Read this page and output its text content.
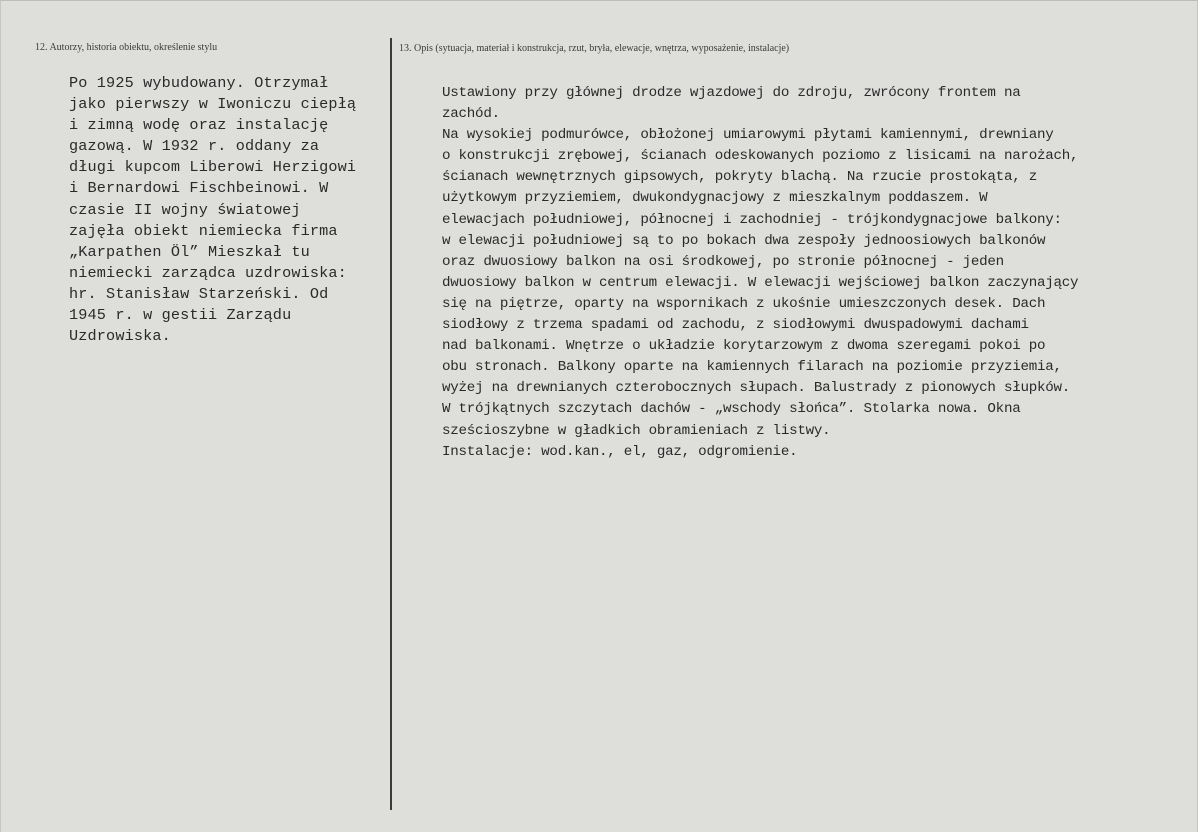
12. Autorzy, historia obiektu, określenie stylu	13. Opis (sytuacja, materiał i konstrukcja, rzut, bryła, elewacje, wnętrza, wyposażenie, instalacje)
Po 1925 wybudowany. Otrzymał
jako pierwszy w Iwoniczu ciepłą
i zimną wodę oraz instalację
gazową. W 1932 r. oddany za
długi kupcom Liberowi Herzigowi
i Bernardowi Fischbeinowi. W
czasie II wojny światowej
zajęła obiekt niemiecka firma
„Karpathen Öl” Mieszkał tu
niemiecki zarządca uzdrowiska:
hr. Stanisław Starzeński. Od
1945 r. w gestii Zarządu
Uzdrowiska.
Ustawiony przy głównej drodze wjazdowej do zdroju, zwrócony frontem na
zachód.
Na wysokiej podmurówce, obłożonej umiarowymi płytami kamiennymi, drewniany
o konstrukcji zrębowej, ścianach odeskowanych poziomo z lisicami na narożach,
ścianach wewnętrznych gipsowych, pokryty blachą. Na rzucie prostokąta, z
użytkowym przyziemiem, dwukondygnacjowy z mieszkalnym poddaszem. W
elewacjach południowej, północnej i zachodniej - trójkondygnacjowe balkony:
w elewacji południowej są to po bokach dwa zespoły jednoosiowych balkonów
oraz dwuosiowy balkon na osi środkowej, po stronie północnej - jeden
dwuosiowy balkon w centrum elewacji. W elewacji wejściowej balkon zaczynający
się na piętrze, oparty na wspornikach z ukośnie umieszczonych desek. Dach
siodłowy z trzema spadami od zachodu, z siodłowymi dwuspadowymi dachami
nad balkonami. Wnętrze o układzie korytarzowym z dwoma szeregami pokoi po
obu stronach. Balkony oparte na kamiennych filarach na poziomie przyziemia,
wyżej na drewnianych czterobocznych słupach. Balustrady z pionowych słupków.
W trójkątnych szczytach dachów - „wschody słońca”. Stolarka nowa. Okna
sześcioszybne w gładkich obramieniach z listwy.
Instalacje: wod.kan., el, gaz, odgromienie.
